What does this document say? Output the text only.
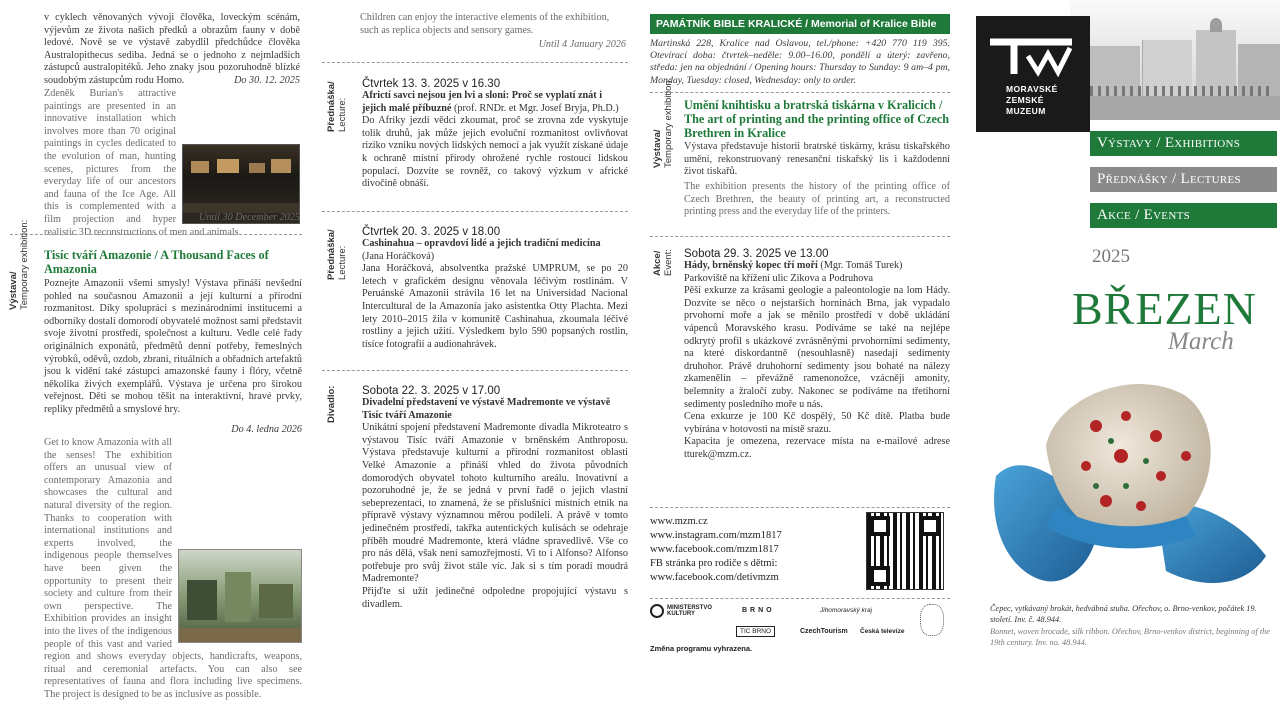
v cyklech věnovaných vývoji člověka, loveckým scénám, výjevům ze života našich předků a obrazům fauny v době ledové. Nově se ve výstavě zabydlil předchůdce člověka Australopithecus sediba. Jedná se o jednoho z nejmladších zástupců australopitéků. Jeho znaky jsou pozoruhodně blízké soudobým zástupcům rodu Homo.	Do 30. 12. 2025

Zdeněk Burian's attractive paintings are presented in an innovative installation which involves more than 70 original paintings in cycles dedicated to the evolution of man, hunting scenes, pictures from the everyday life of our ancestors and fauna of the Ice Age. All this is complemented with a film projection and hyper realistic 3D reconstructions of men and animals.

Until 30 December 2025

Výstava/ Temporary exhibition: Tisíc tváří Amazonie / A Thousand Faces of Amazonia

Poznejte Amazonii všemi smysly! Výstava přináší nevšední pohled na současnou Amazonii a její kulturní a přírodní rozmanitost. Díky spolupráci s mezinárodními institucemi a odborníky dostali domorodí obyvatelé možnost sami představit svoje životní prostředí, společnost a kulturu. Vedle celé řady originálních exponátů, předmětů denní potřeby, řemeslných výrobků, oděvů, ozdob, zbraní, rituálních a obřadních artefaktů jsou k vidění také zástupci amazonské fauny i flóry, včetně několika živých exemplářů. Výstava je určena pro širokou veřejnost. Děti se mohou těšit na interaktivní, hravé prvky, repliky předmětů a smyslové hry.

Do 4. ledna 2026

Get to know Amazonia with all the senses! The exhibition offers an unusual view of contemporary Amazonia and showcases the cultural and natural diversity of the region. Thanks to cooperation with international institutions and experts involved, the indigenous people themselves have been given the opportunity to present their society and culture from their own perspective. The Exhibition provides an insight into the lives of the indigenous people of this vast and varied region and shows everyday objects, handicrafts, weapons, ritual and ceremonial artefacts. You can also see representatives of fauna and flora including live specimens. The project is designed to be as inclusive as possible.

Children can enjoy the interactive elements of the exhibition, such as replica objects and sensory games.

Until 4 January 2026

Přednáška/ Lecture:
Čtvrtek 13. 3. 2025 v 16.30
Africtí savci nejsou jen lvi a sloni: Proč se vyplatí znát i jejich malé příbuzné (prof. RNDr. et Mgr. Josef Bryja, Ph.D.)

Do Afriky jezdí vědci zkoumat, proč se zrovna zde vyskytuje tolik druhů, jak může jejich evoluční rozmanitost ovlivňovat riziko vzniku nových lidských nemocí a jak využít získané údaje k ochraně místní přírody ohrožené rychle rostoucí lidskou populací. Dozvíte se rovněž, co takový výzkum v africké divočině obnáší.

Přednáška/ Lecture:
Čtvrtek 20. 3. 2025 v 18.00
Cashinahua – opravdoví lidé a jejich tradiční medicína
(Jana Horáčková)

Jana Horáčková, absolventka pražské UMPRUM, se po 20 letech v grafickém designu věnovala léčivým rostlinám. V Peruánské Amazonii strávila 16 let na Universidad Nacional Intercultural de la Amazonía jako asistentka Otty Plachta. Mezi lety 2010–2015 žila v komunitě Cashinahua, zkoumala léčivé rostliny a jejich užití. Výsledkem bylo 590 popsaných rostlin, tisíce fotografií a audionahrávek.

Divadlo: Sobota 22. 3. 2025 v 17.00
Divadelní představení ve výstavě Madremonte ve výstavě Tisíc tváří Amazonie

Unikátní spojení představení Madremonte divadla Mikroteatro s výstavou Tisíc tváří Amazonie v brněnském Anthroposu. Výstava představuje kulturní a přírodní rozmanitost oblasti Velké Amazonie a přináší vhled do života původních domorodých obyvatel tohoto kulturního areálu. Inovativní a pozoruhodné je, že se jedná v první řadě o jejich vlastní sebeprezentaci, to znamená, že se příslušníci místních etnik na přípravě výstavy významnou měrou podíleli. A právě v tomto jedinečném prostředí, takřka autentických kulisách se odehraje příběh moudré Madremonte, která vládne spravedlivě. Vše co pro nás dělá, však není samozřejmostí. Vi to i Alfonso? Alfonso potřebuje pro svůj život stále víc. Jak si s tím poradí moudrá Madremonte?

Přijďte si užít jedinečné odpoledne propojující výstavu s divadlem.

PAMÁTNÍK BIBLE KRALICKÉ / Memorial of Kralice Bible

Martinská 228, Kralice nad Oslavou, tel./phone: +420 770 119 395. Otevírací doba: čtvrtek–neděle: 9.00–16.00, pondělí a úterý: zavřeno, středa: jen na objednání / Opening hours: Thursday to Sunday: 9 am–4 pm, Monday, Tuesday: closed, Wednesday: only to order.

Výstava/ Temporary exhibition: Umění knihtisku a bratrská tiskárna v Kralicích / The art of printing and the printing office of Czech Brethren in Kralice

Výstava představuje historii bratrské tiskárny, krásu tiskařského umění, rekonstruovaný renesanční tiskařský lis i každodenní život tiskařů.

The exhibition presents the history of the printing office of Czech Brethren, the beauty of printing art, a reconstructed printing press and the everyday life of the printers.

Akce/ Event: Sobota 29. 3. 2025 ve 13.00
Hády, brněnský kopec tří moří (Mgr. Tomáš Turek)
Parkoviště na křížení ulic Zikova a Podruhova

Pěší exkurze za krásami geologie a paleontologie na lom Hády. Dozvíte se něco o nejstarších horninách Brna, jak vypadalo prvohorní moře a jak se měnilo prostředí v době ukládání vápenců Moravského krasu. Podíváme se také na nejlépe odkrytý profil s ukázkové zvrásněnými prvohorními sedimenty, na které diskordantně (nesouhlasně) nasedají sedimenty druhohor. Právě druhohorní sedimenty jsou bohaté na nálezy zkamenělin – převážně ramenonožce, vzácněji amonity, belemnity a žraločí zuby. Nakonec se podíváme na třetihorní sedimenty posledního moře u nás.

Cena exkurze je 100 Kč dospělý, 50 Kč dítě. Platba bude vybírána v hotovosti na místě srazu.

Kapacita je omezena, rezervace místa na e-mailové adrese tturek@mzm.cz.

www.mzm.cz
www.instagram.com/mzm1817
www.facebook.com/mzm1817
FB stránka pro rodiče s dětmi:
www.facebook.com/detivmzm
MINISTERSTVO KULTURY	BRNO	Jihomoravský kraj
TIC BRNO	CzechTourism Česká televize
Změna programu vyhrazena.
MORAVSKÉ
ZEMSKÉ
MUZEUM
Výstavy / Exhibitions
Přednášky / Lectures
Akce / Events
2025
BŘEZEN
March

Čepec, vytkávaný brokát, hedvábná stuha. Ořechov, o. Brno-venkov, počátek 19. století. Inv. č. 48.944.

Bonnet, woven brocade, silk ribbon. Ořechov, Brno-venkov district, beginning of the 19th century. Inv. no. 48.944.
